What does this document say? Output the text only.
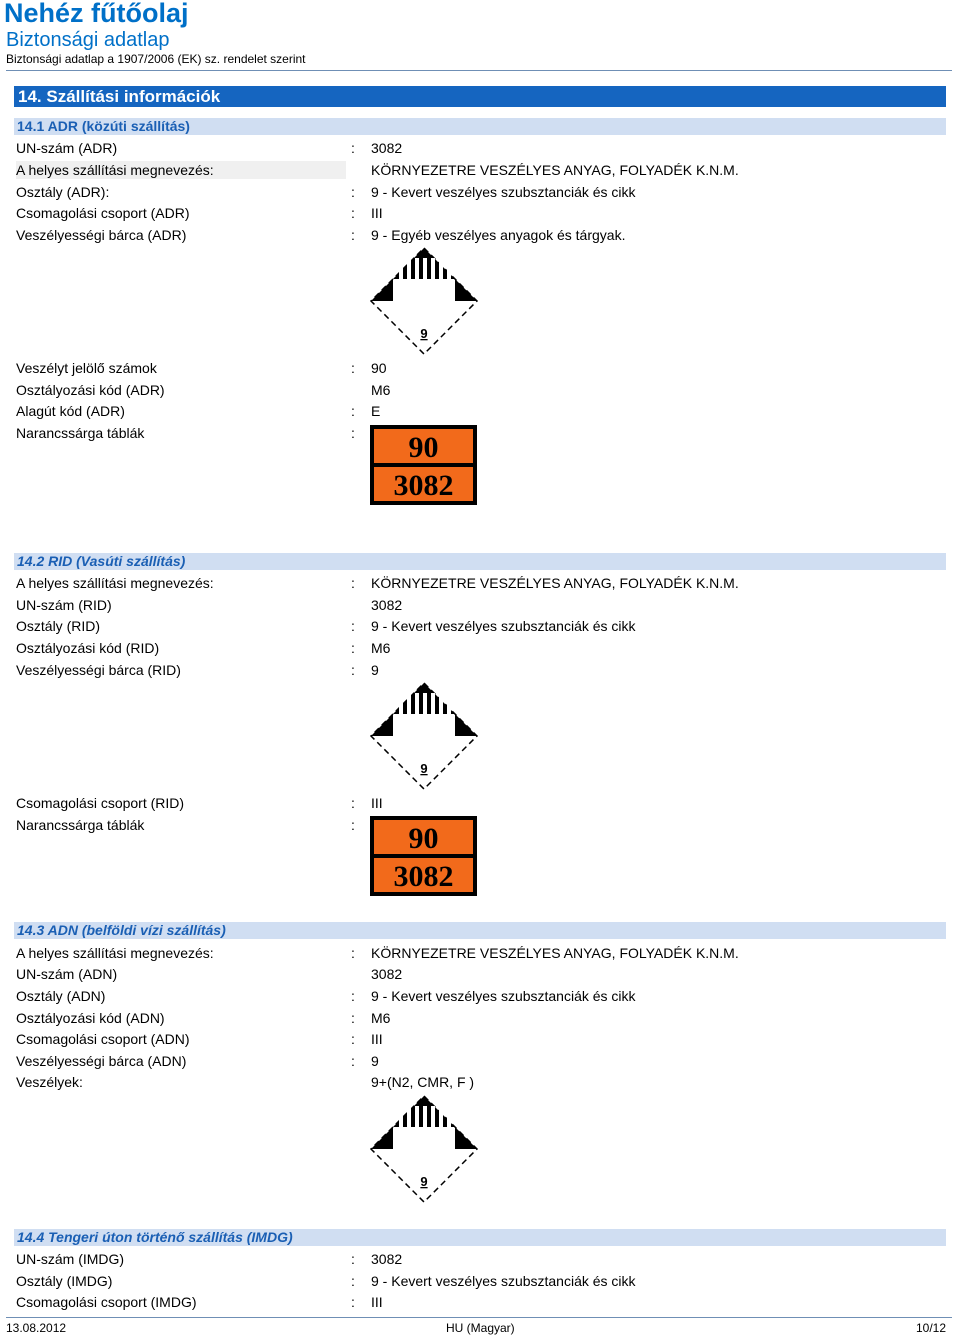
Nehéz fűtőolaj
Biztonsági adatlap
Biztonsági adatlap a 1907/2006 (EK) sz. rendelet szerint
14. Szállítási információk
14.1 ADR (közúti szállítás)
UN-szám (ADR)	: 3082
A helyes szállítási megnevezés:	KÖRNYEZETRE VESZÉLYES ANYAG, FOLYADÉK K.N.M.
Osztály (ADR):	: 9 - Kevert veszélyes szubsztanciák és cikk
Csomagolási csoport (ADR)	: III
Veszélyességi bárca (ADR)	: 9 - Egyéb veszélyes anyagok és tárgyak.
9
Veszélyt jelölő számok	: 90
Osztályozási kód (ADR)	M6
Alagút kód (ADR)	: E
Narancssárga táblák	: 90
3082
14.2 RID (Vasúti szállítás)
A helyes szállítási megnevezés:	: KÖRNYEZETRE VESZÉLYES ANYAG, FOLYADÉK K.N.M.
UN-szám (RID)	3082
Osztály (RID)	: 9 - Kevert veszélyes szubsztanciák és cikk
Osztályozási kód (RID)	: M6
Veszélyességi bárca (RID)	: 9
9
Csomagolási csoport (RID)	: III
Narancssárga táblák	: 90
3082
14.3 ADN (belföldi vízi szállítás)
A helyes szállítási megnevezés:	: KÖRNYEZETRE VESZÉLYES ANYAG, FOLYADÉK K.N.M.
UN-szám (ADN)	3082
Osztály (ADN)	: 9 - Kevert veszélyes szubsztanciák és cikk
Osztályozási kód (ADN)	: M6
Csomagolási csoport (ADN)	: III
Veszélyességi bárca (ADN)	: 9
Veszélyek:	9+(N2, CMR, F )
9
14.4 Tengeri úton történő szállítás (IMDG)
UN-szám (IMDG)	: 3082
Osztály (IMDG)	: 9 - Kevert veszélyes szubsztanciák és cikk
Csomagolási csoport (IMDG)	: III
13.08.2012	HU (Magyar)	10/12
